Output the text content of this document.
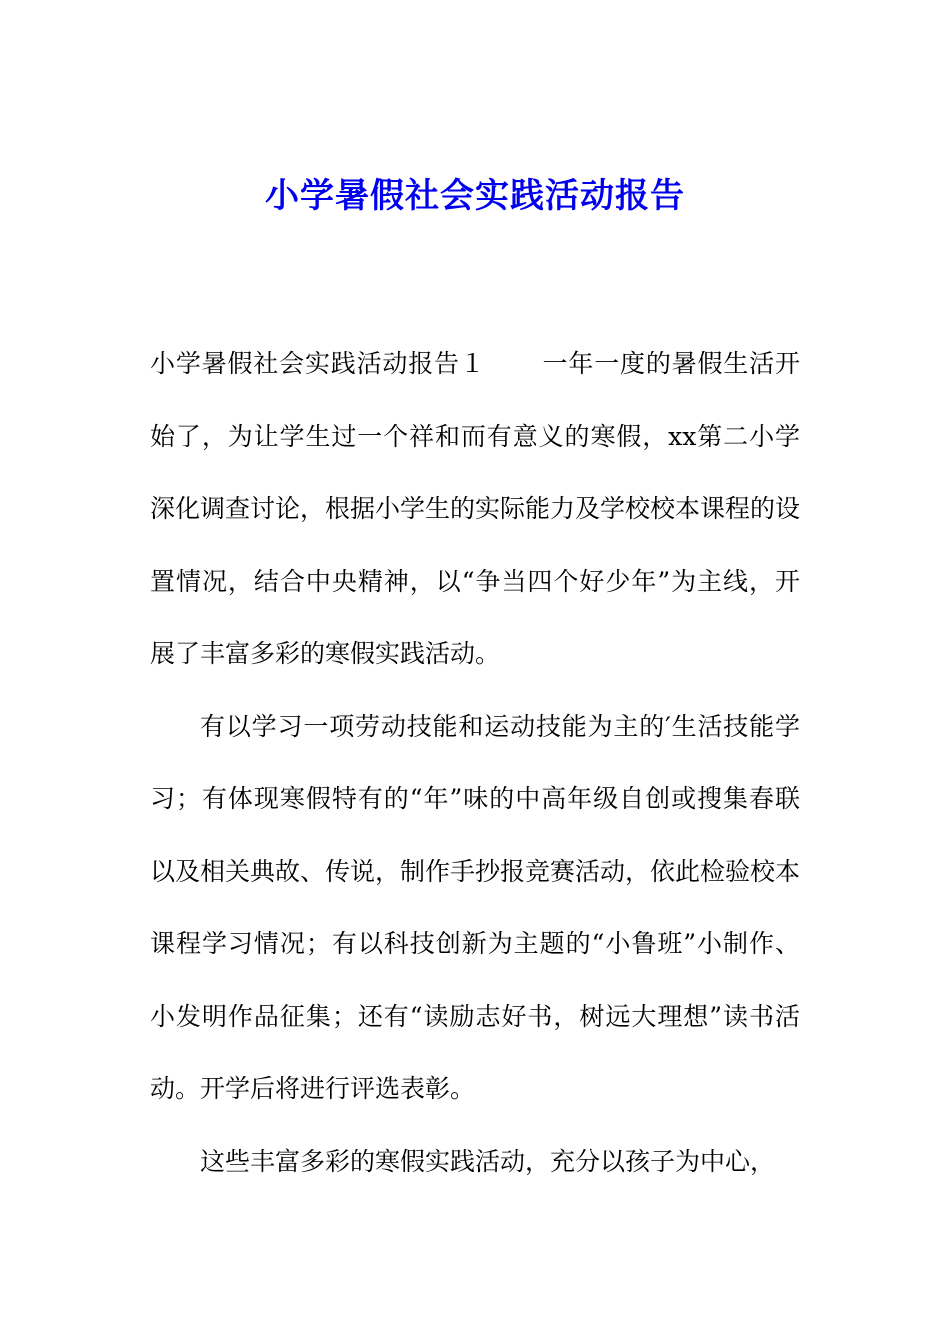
小学暑假社会实践活动报告

小学暑假社会实践活动报告１ 一年一度的暑假生活开始了，为让学生过一个祥和而有意义的寒假，xx第二小学深化调查讨论，根据小学生的实际能力及学校校本课程的设置情况，结合中央精神，以“争当四个好少年”为主线，开展了丰富多彩的寒假实践活动。

有以学习一项劳动技能和运动技能为主的′生活技能学习；有体现寒假特有的“年”味的中高年级自创或搜集春联以及相关典故、传说，制作手抄报竞赛活动，依此检验校本课程学习情况；有以科技创新为主题的“小鲁班”小制作、小发明作品征集；还有“读励志好书，树远大理想”读书活动。开学后将进行评选表彰。

这些丰富多彩的寒假实践活动，充分以孩子为中心，
